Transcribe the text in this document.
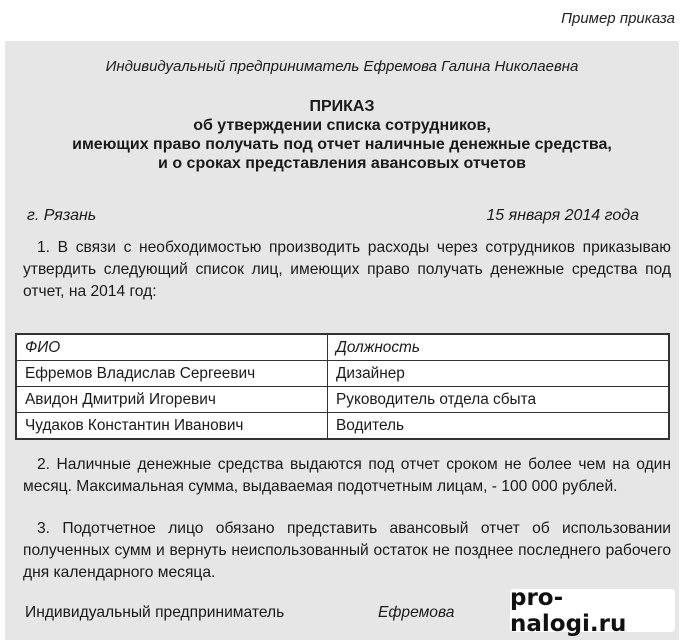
Пример приказа
Индивидуальный предприниматель Ефремова Галина Николаевна
ПРИКАЗ
об утверждении списка сотрудников,
имеющих право получать под отчет наличные денежные средства,
и о сроках представления авансовых отчетов
г. Рязань	15 января 2014 года
1. В связи с необходимостью производить расходы через сотрудников приказываю утвердить следующий список лиц, имеющих право получать денежные средства под отчет, на 2014 год:
ФИО	Должность
Ефремов Владислав Сергеевич	Дизайнер
Авидон Дмитрий Игоревич	Руководитель отдела сбыта
Чудаков Константин Иванович	Водитель
2. Наличные денежные средства выдаются под отчет сроком не более чем на один месяц. Максимальная сумма, выдаваемая подотчетным лицам, - 100 000 рублей.
3. Подотчетное лицо обязано представить авансовый отчет об использовании полученных сумм и вернуть неиспользованный остаток не позднее последнего рабочего дня календарного месяца.
Индивидуальный предприниматель	Ефремова
pro-nalogi.ru
